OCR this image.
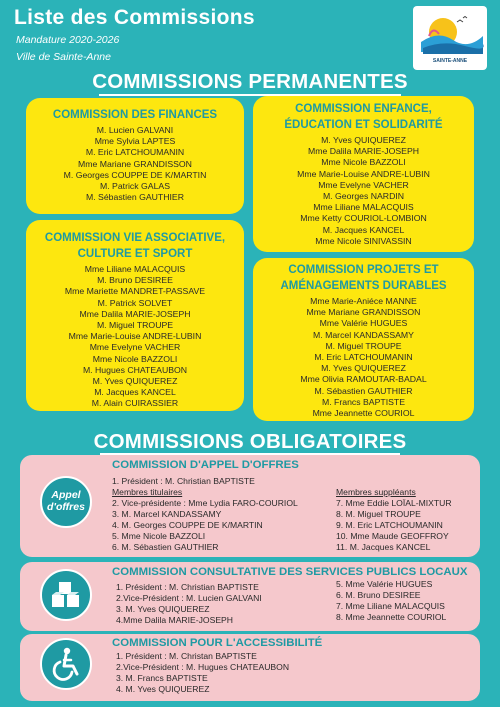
Liste des Commissions
Mandature 2020-2026
Ville de Sainte-Anne	SAINTE-ANNE
COMMISSIONS PERMANENTES
COMMISSION DES FINANCES
M. Lucien GALVANI
Mme Sylvia LAPTES
M. Eric LATCHOUMANIN
Mme Mariane GRANDISSON
M. Georges COUPPE DE K/MARTIN
M. Patrick GALAS
M. Sébastien GAUTHIER
COMMISSION ENFANCE, ÉDUCATION ET SOLIDARITÉ
M. Yves QUIQUEREZ
Mme Dalila MARIE-JOSEPH
Mme Nicole BAZZOLI
Mme Marie-Louise ANDRE-LUBIN
Mme Evelyne VACHER
M. Georges NARDIN
Mme Liliane MALACQUIS
Mme Ketty COURIOL-LOMBION
M. Jacques KANCEL
Mme Nicole SINIVASSIN
COMMISSION VIE ASSOCIATIVE, CULTURE ET SPORT
Mme Liliane MALACQUIS
M. Bruno DESIREE
Mme Mariette MANDRET-PASSAVE
M. Patrick SOLVET
Mme Dalila MARIE-JOSEPH
M. Miguel TROUPE
Mme Marie-Louise ANDRE-LUBIN
Mme Evelyne VACHER
Mme Nicole BAZZOLI
M. Hugues CHATEAUBON
M. Yves QUIQUEREZ
M. Jacques KANCEL
M. Alain CUIRASSIER
COMMISSION PROJETS ET AMÉNAGEMENTS DURABLES
Mme Marie-Aniéce MANNE
Mme Mariane GRANDISSON
Mme Valérie HUGUES
M. Marcel KANDASSAMY
M. Miguel TROUPE
M. Eric LATCHOUMANIN
M. Yves QUIQUEREZ
Mme Olivia RAMOUTAR-BADAL
M. Sébastien GAUTHIER
M. Francs BAPTISTE
Mme Jeannette COURIOL
COMMISSIONS OBLIGATOIRES
Appel
d'offres
COMMISSION D'APPEL D'OFFRES
1. Président : M. Christian BAPTISTE
Membres titulaires
2. Vice-présidente : Mme Lydia FARO-COURIOL
3. M. Marcel KANDASSAMY
4. M. Georges COUPPE DE K/MARTIN
5. Mme Nicole BAZZOLI
6. M. Sébastien GAUTHIER
Membres suppléants
7. Mme Eddie LOÏAL-MIXTUR
8. M. Miguel TROUPE
9. M. Eric LATCHOUMANIN
10. Mme Maude GEOFFROY
11. M. Jacques KANCEL
COMMISSION CONSULTATIVE DES SERVICES PUBLICS LOCAUX
1. Président : M. Christian BAPTISTE
2.Vice-Président : M. Lucien GALVANI
3. M. Yves QUIQUEREZ
4.Mme Dalila MARIE-JOSEPH
5. Mme Valérie HUGUES
6. M. Bruno DESIREE
7. Mme Liliane MALACQUIS
8. Mme Jeannette COURIOL
COMMISSION POUR L'ACCESSIBILITÉ
1. Président : M. Christan BAPTISTE
2.Vice-Président : M. Hugues CHATEAUBON
3. M. Francs BAPTISTE
4. M. Yves QUIQUEREZ
